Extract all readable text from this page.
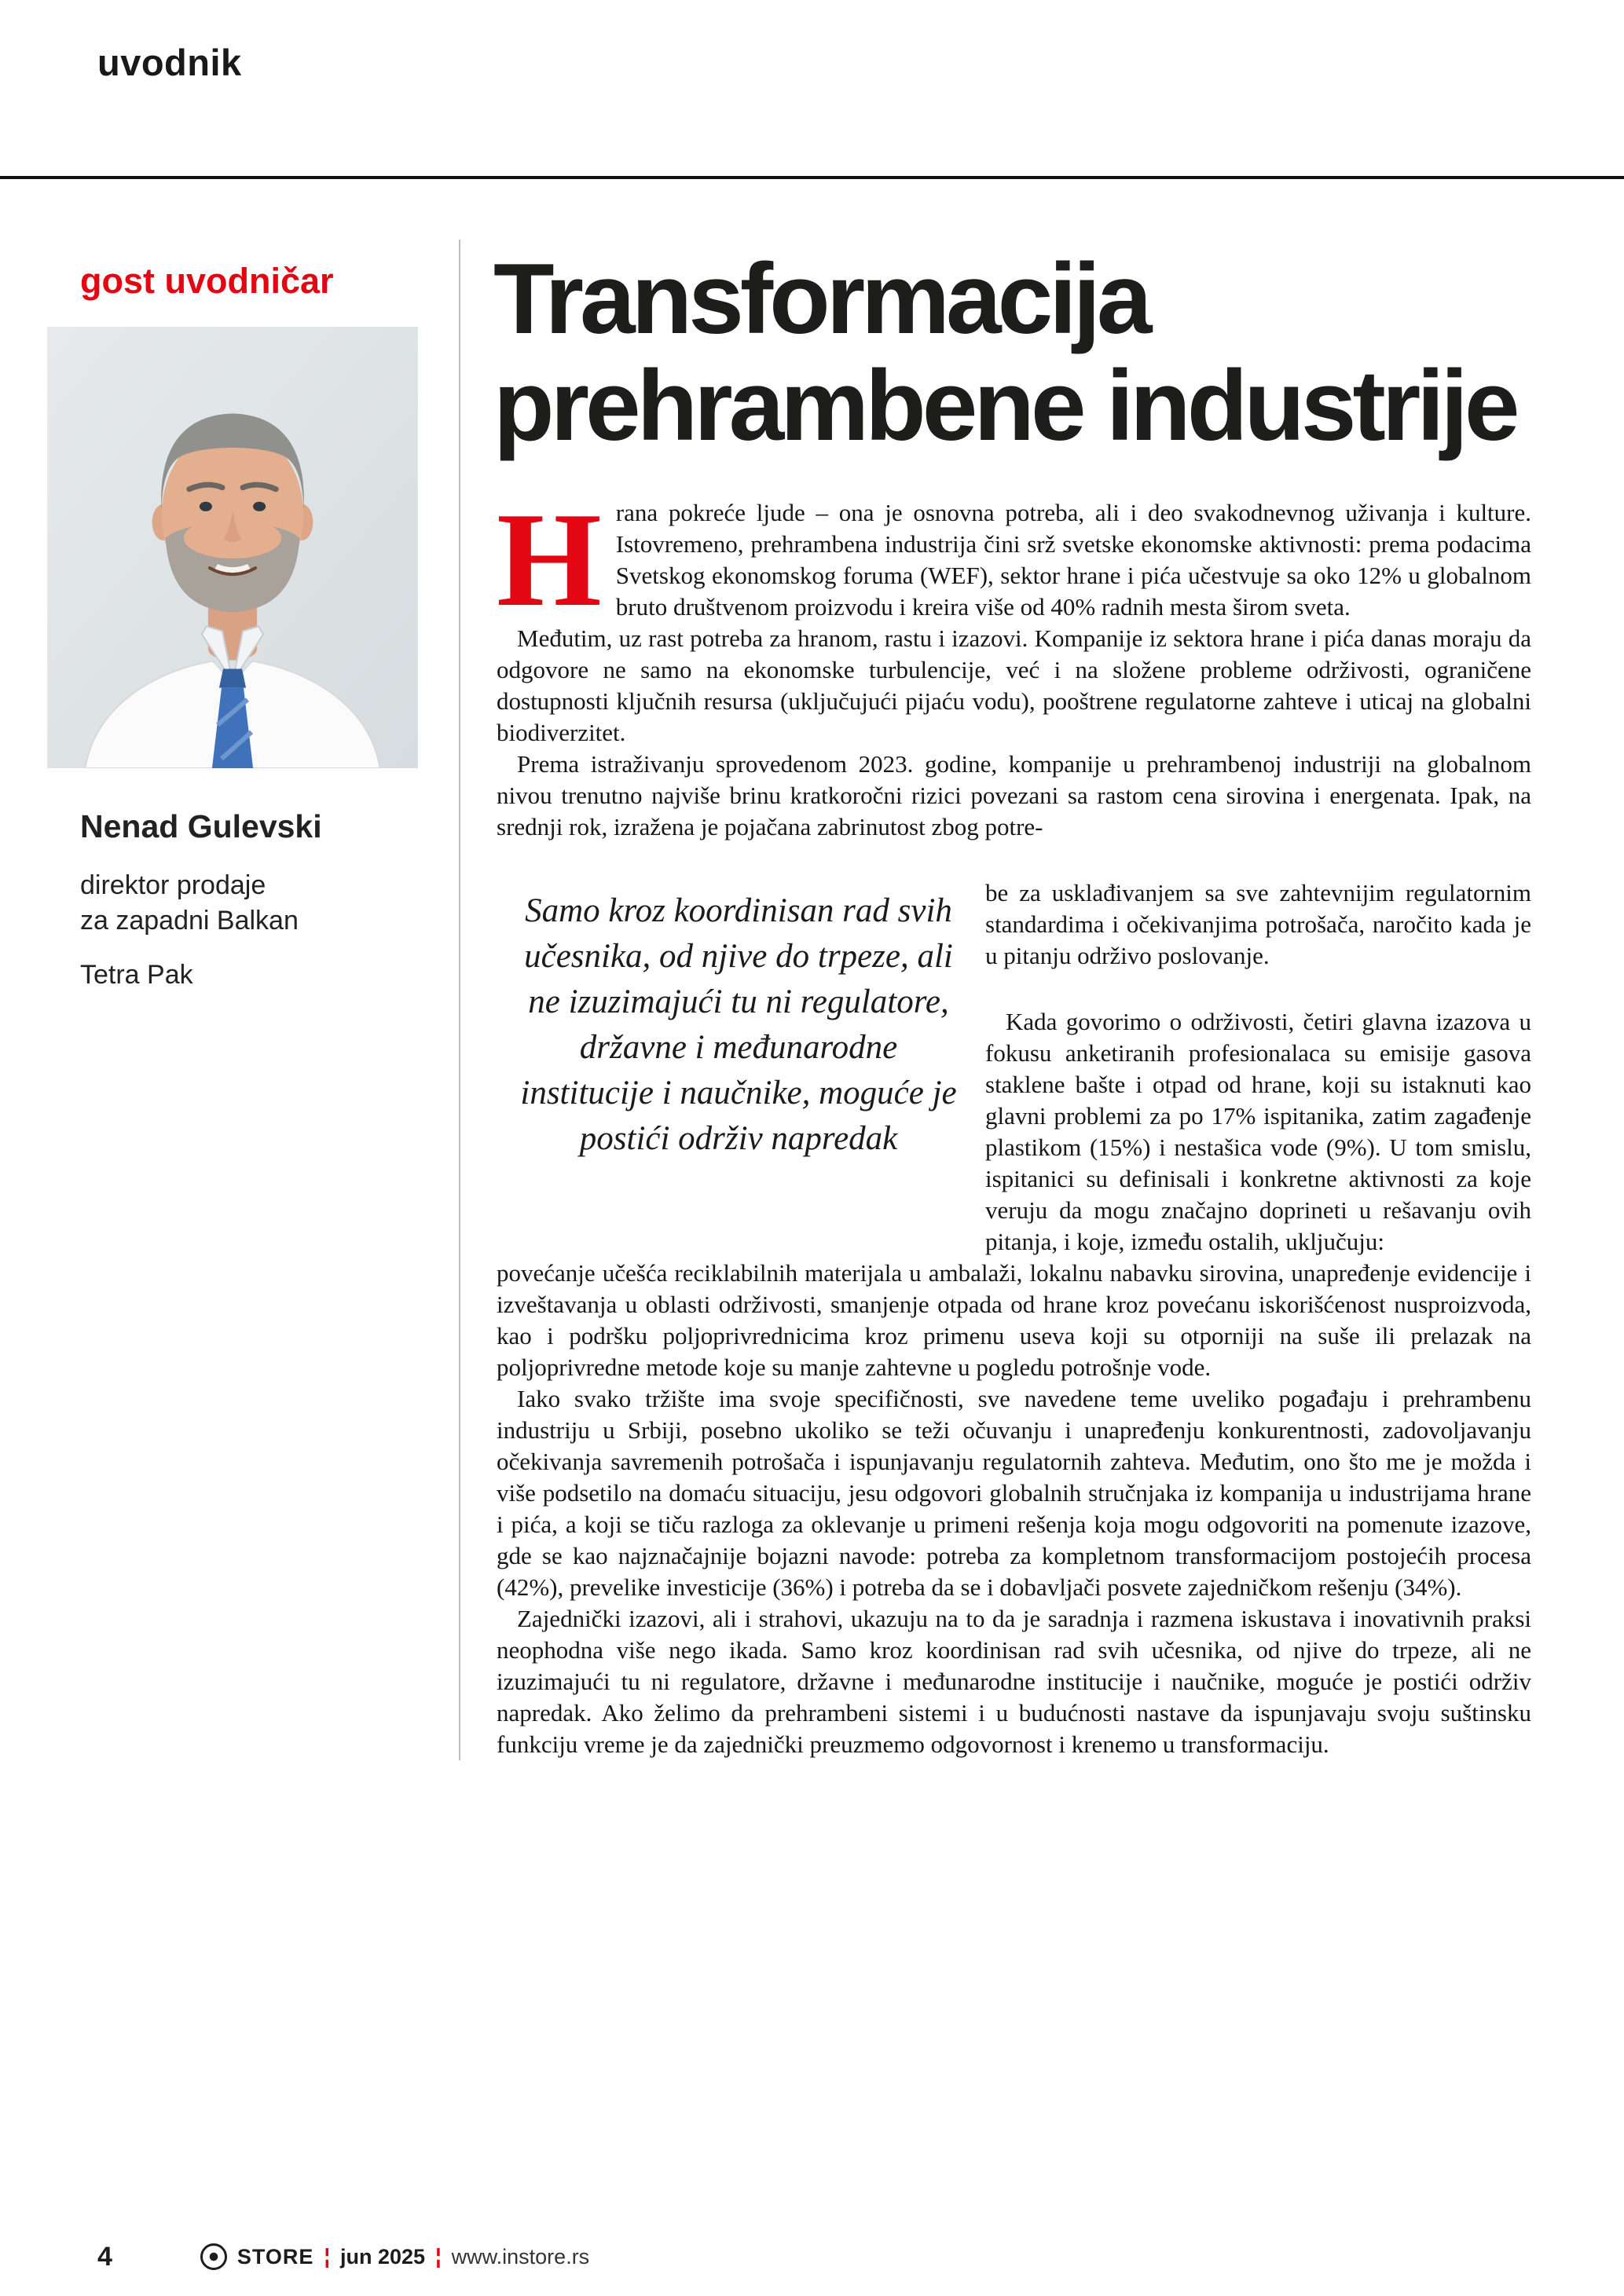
uvodnik
gost uvodničar
Nenad Gulevski
direktor prodaje
za zapadni Balkan
Tetra Pak
Transformacija prehrambene industrije

Hrana pokreće ljude – ona je osnovna potreba, ali i deo svakodnevnog uživanja i kulture. Istovremeno, prehrambena industrija čini srž svetske ekonomske aktivnosti: prema podacima Svetskog ekonomskog foruma (WEF), sektor hrane i pića učestvuje sa oko 12% u globalnom bruto društvenom proizvodu i kreira više od 40% radnih mesta širom sveta.

Međutim, uz rast potreba za hranom, rastu i izazovi. Kompanije iz sektora hrane i pića danas moraju da odgovore ne samo na ekonomske turbulencije, već i na složene probleme održivosti, ograničene dostupnosti ključnih resursa (uključujući pijaću vodu), pooštrene regulatorne zahteve i uticaj na globalni biodiverzitet.

Prema istraživanju sprovedenom 2023. godine, kompanije u prehrambenoj industriji na globalnom nivou trenutno najviše brinu kratkoročni rizici povezani sa rastom cena sirovina i energenata. Ipak, na srednji rok, izražena je pojačana zabrinutost zbog potre-

Samo kroz koordinisan rad svih učesnika, od njive do trpeze, ali ne izuzimajući tu ni regulatore, državne i međunarodne institucije i naučnike, moguće je postići održiv napredak

be za usklađivanjem sa sve zahtevnijim regulatornim standardima i očekivanjima potrošača, naročito kada je u pitanju održivo poslovanje.

Kada govorimo o održivosti, četiri glavna izazova u fokusu anketiranih profesionalaca su emisije gasova staklene bašte i otpad od hrane, koji su istaknuti kao glavni problemi za po 17% ispitanika, zatim zagađenje plastikom (15%) i nestašica vode (9%). U tom smislu, ispitanici su definisali i konkretne aktivnosti za koje veruju da mogu značajno doprineti u rešavanju ovih pitanja, i koje, između ostalih, uključuju:

povećanje učešća reciklabilnih materijala u ambalaži, lokalnu nabavku sirovina, unapređenje evidencije i izveštavanja u oblasti održivosti, smanjenje otpada od hrane kroz povećanu iskorišćenost nusproizvoda, kao i podršku poljoprivrednicima kroz primenu useva koji su otporniji na suše ili prelazak na poljoprivredne metode koje su manje zahtevne u pogledu potrošnje vode.

Iako svako tržište ima svoje specifičnosti, sve navedene teme uveliko pogađaju i prehrambenu industriju u Srbiji, posebno ukoliko se teži očuvanju i unapređenju konkurentnosti, zadovoljavanju očekivanja savremenih potrošača i ispunjavanju regulatornih zahteva. Međutim, ono što me je možda i više podsetilo na domaću situaciju, jesu odgovori globalnih stručnjaka iz kompanija u industrijama hrane i pića, a koji se tiču razloga za oklevanje u primeni rešenja koja mogu odgovoriti na pomenute izazove, gde se kao najznačajnije bojazni navode: potreba za kompletnom transformacijom postojećih procesa (42%), prevelike investicije (36%) i potreba da se i dobavljači posvete zajedničkom rešenju (34%).

Zajednički izazovi, ali i strahovi, ukazuju na to da je saradnja i razmena iskustava i inovativnih praksi neophodna više nego ikada. Samo kroz koordinisan rad svih učesnika, od njive do trpeze, ali ne izuzimajući tu ni regulatore, državne i međunarodne institucije i naučnike, moguće je postići održiv napredak. Ako želimo da prehrambeni sistemi i u budućnosti nastave da ispunjavaju svoju suštinsku funkciju vreme je da zajednički preuzmemo odgovornost i krenemo u transformaciju.

4	STORE ¦ jun 2025 ¦ www.instore.rs
